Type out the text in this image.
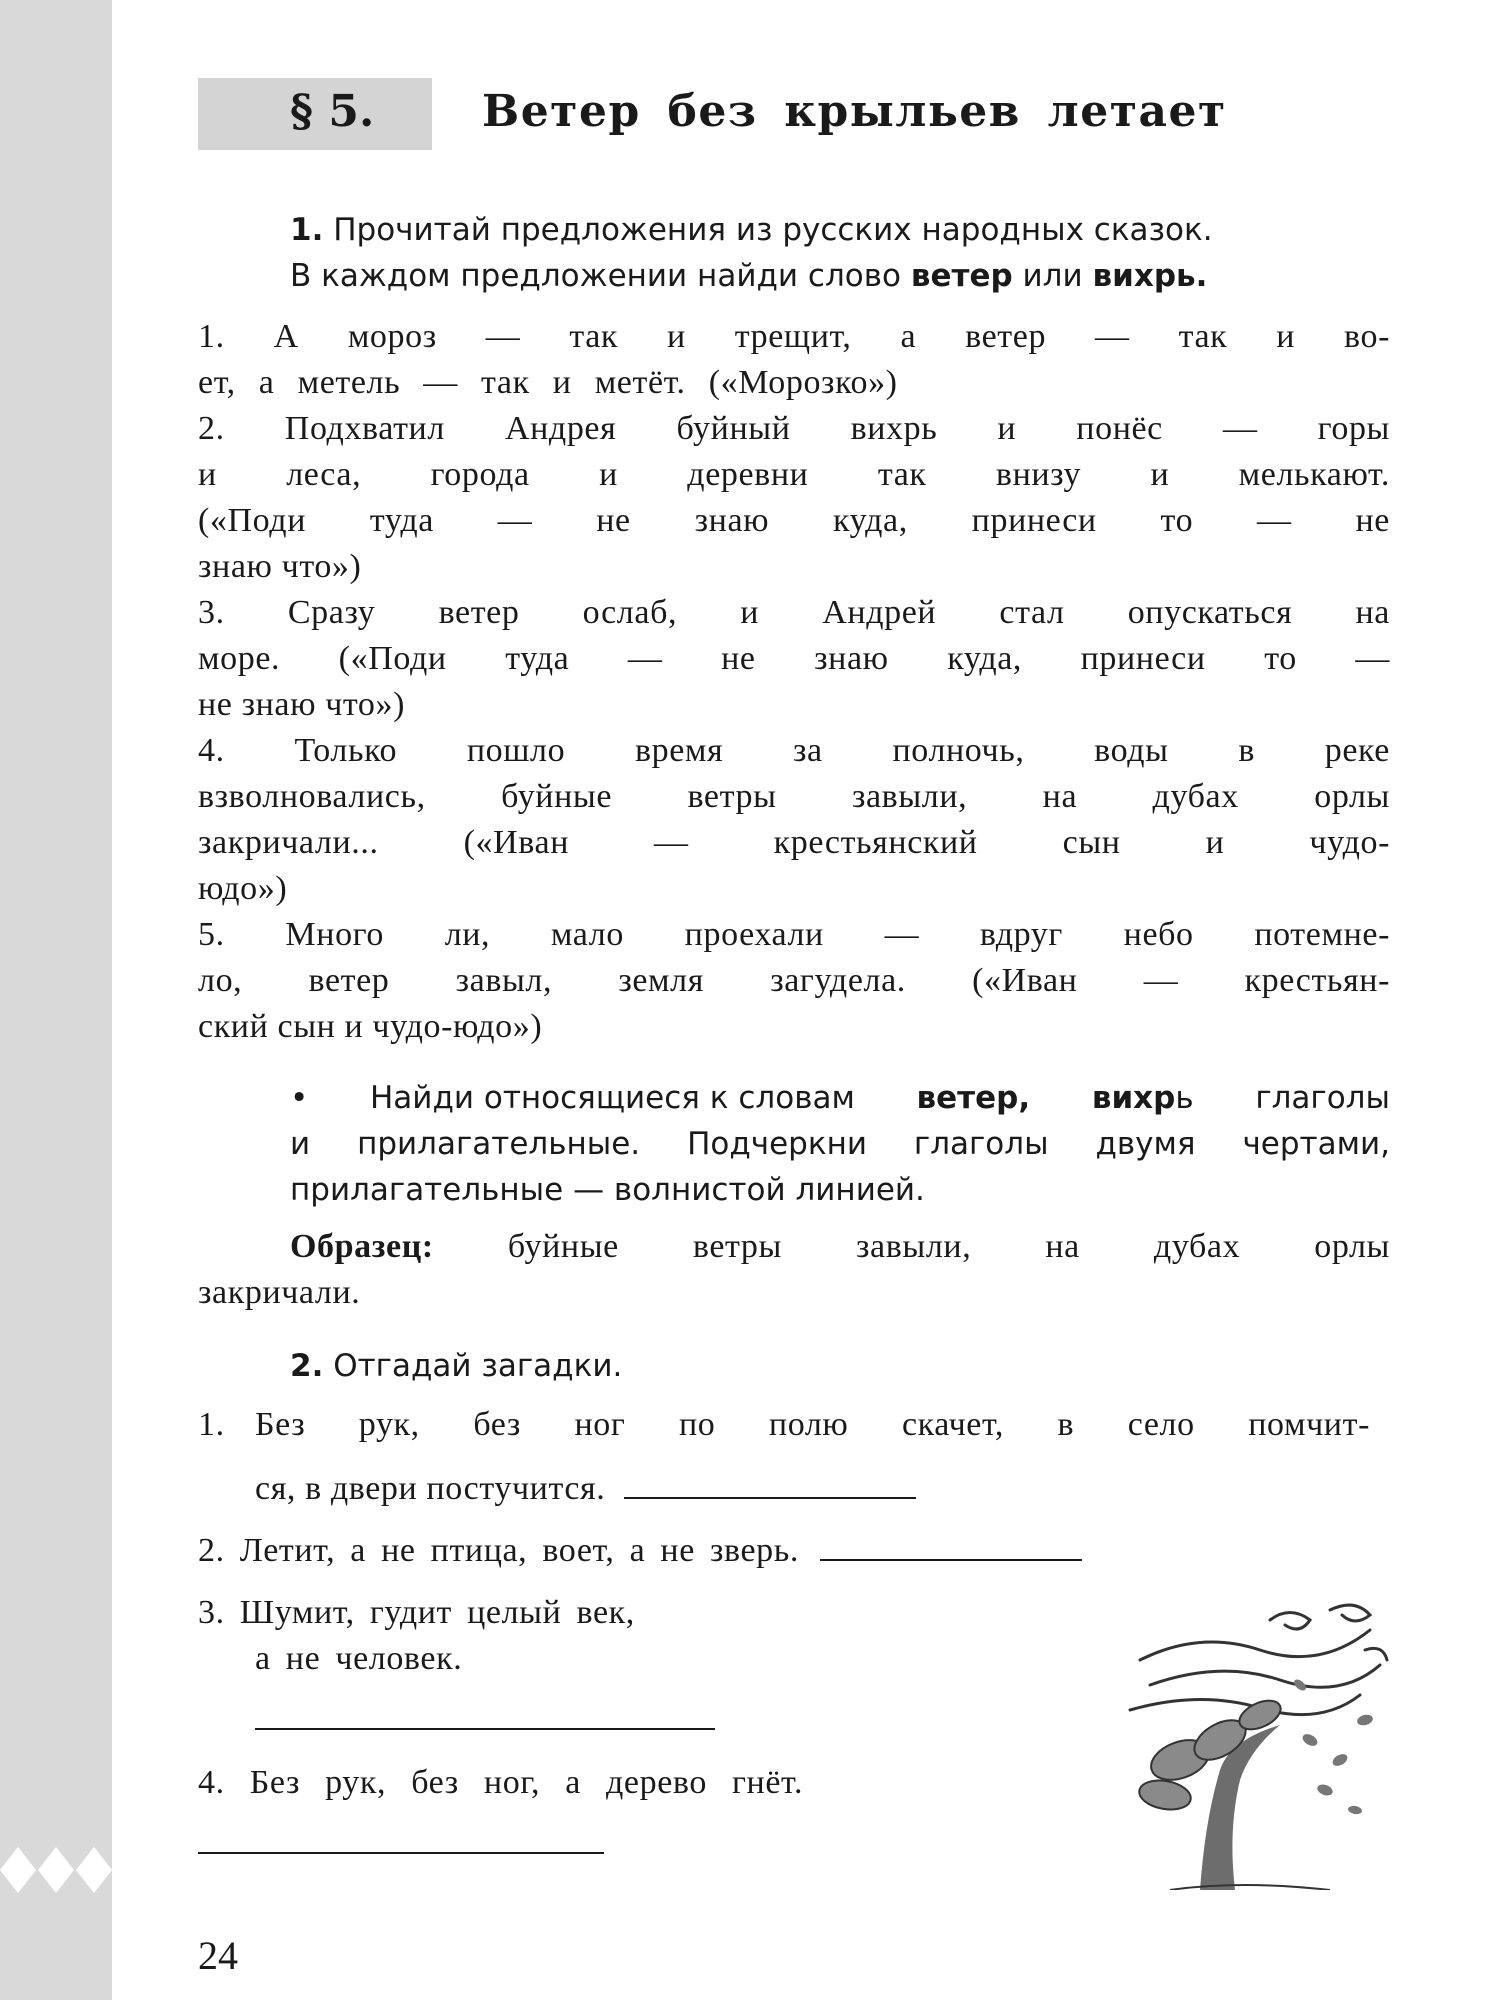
§ 5. Ветер без крыльев летает
1. Прочитай предложения из русских народных сказок.
В каждом предложении найди слово ветер или вихрь.
1. А мороз — так и трещит, а ветер — так и во-
ет, а метель — так и метёт. («Морозко»)
2. Подхватил Андрея буйный вихрь и понёс — горы
и леса, города и деревни так внизу и мелькают.
(«Поди туда — не знаю куда, принеси то — не
знаю что»)
3. Сразу ветер ослаб, и Андрей стал опускаться на
море. («Поди туда — не знаю куда, принеси то —
не знаю что»)
4. Только пошло время за полночь, воды в реке
взволновались, буйные ветры завыли, на дубах орлы
закричали... («Иван — крестьянский сын и чудо-
юдо»)
5. Много ли, мало проехали — вдруг небо потемне-
ло, ветер завыл, земля загудела. («Иван — крестьян-
ский сын и чудо-юдо»)
• Найди относящиеся к словам ветер, вихрь глаголы
и прилагательные. Подчеркни глаголы двумя чертами,
прилагательные — волнистой линией.
Образец: буйные ветры завыли, на дубах орлы
закричали.
2. Отгадай загадки.
1. Без рук, без ног по полю скачет, в село помчит-
ся, в двери постучится.
2. Летит, а не птица, воет, а не зверь.
3. Шумит, гудит целый век,
а не человек.
4. Без рук, без ног, а дерево гнёт.
24
